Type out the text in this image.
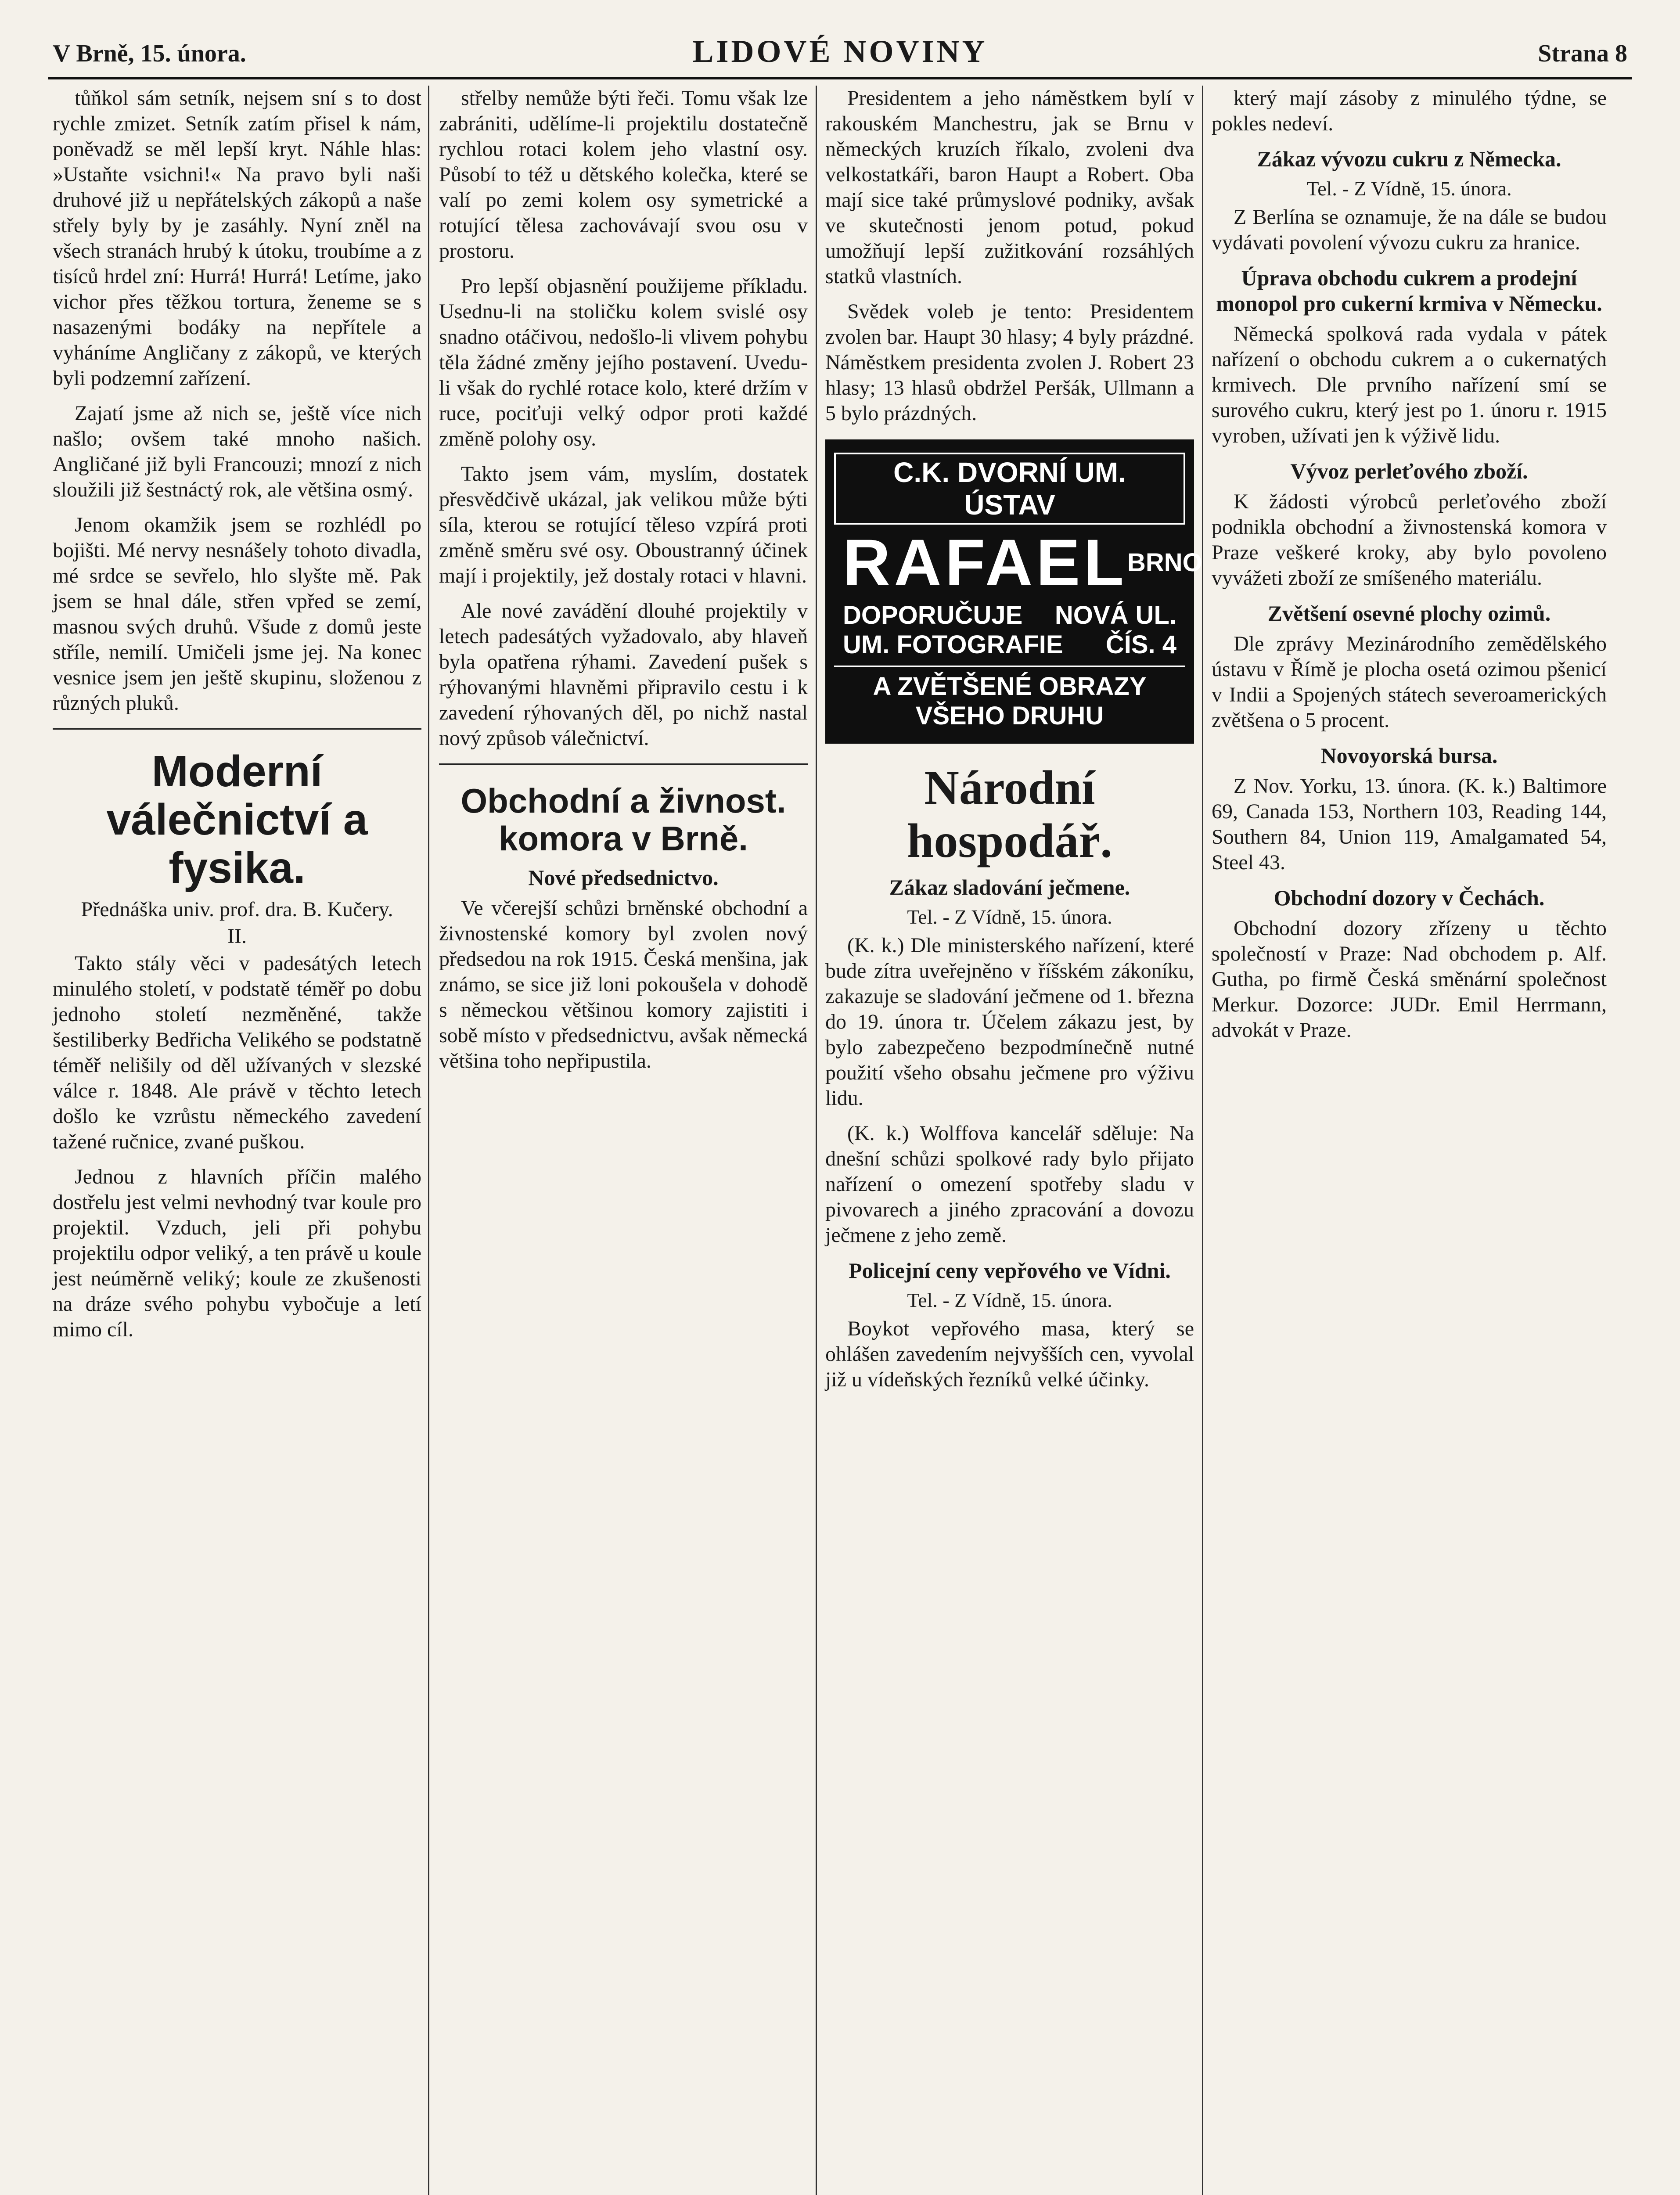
V Brně, 15. února.	LIDOVÉ NOVINY	Strana 8

tůňkol sám setník, nejsem sní s to dost rychle zmizet. Setník zatím přisel k nám, poněvadž se měl lepší kryt. Náhle hlas: »Ustaňte vsichni!« Na pravo byli naši druhové již u nepřátelských zákopů a naše střely byly by je zasáhly. Nyní zněl na všech stranách hrubý k útoku, troubíme a z tisíců hrdel zní: Hurrá! Hurrá! Letíme, jako vichor přes těžkou tortura, ženeme se s nasazenými bodáky na nepřítele a vyháníme Angličany z zákopů, ve kterých byli podzemní zařízení.

Zajatí jsme až nich se, ještě více nich našlo; ovšem také mnoho našich. Angličané již byli Francouzi; mnozí z nich sloužili již šestnáctý rok, ale většina osmý.

Jenom okamžik jsem se rozhlédl po bojišti. Mé nervy nesnášely tohoto divadla, mé srdce se sevřelo, hlo slyšte mě. Pak jsem se hnal dále, střen vpřed se zemí, masnou svých druhů. Všude z domů jeste stříle, nemilí. Umičeli jsme jej. Na konec vesnice jsem jen ještě skupinu, složenou z různých pluků.

Moderní válečnictví a fysika.
Přednáška univ. prof. dra. B. Kučery.
II.

Takto stály věci v padesátých letech minulého století, v podstatě téměř po dobu jednoho století nezměněné, takže šestiliberky Bedřicha Velikého se podstatně téměř nelišily od děl užívaných v slezské válce r. 1848. Ale právě v těchto letech došlo ke vzrůstu německého zavedení tažené ručnice, zvané puškou.

Jednou z hlavních příčin malého dostřelu jest velmi nevhodný tvar koule pro projektil. Vzduch, jeli při pohybu projektilu odpor veliký, a ten právě u koule jest neúměrně veliký; koule ze zkušenosti na dráze svého pohybu vybočuje a letí mimo cíl.

střelby nemůže býti řeči. Tomu však lze zabrániti, udělíme-li projektilu dostatečně rychlou rotaci kolem jeho vlastní osy. Působí to též u dětského kolečka, které se valí po zemi kolem osy symetrické a rotující tělesa zachovávají svou osu v prostoru.

Pro lepší objasnění použijeme příkladu. Usednu-li na stoličku kolem svislé osy snadno otáčivou, nedošlo-li vlivem pohybu těla žádné změny jejího postavení. Uvedu-li však do rychlé rotace kolo, které držím v ruce, pociťuji velký odpor proti každé změně polohy osy.

Takto jsem vám, myslím, dostatek přesvědčivě ukázal, jak velikou může býti síla, kterou se rotující těleso vzpírá proti změně směru své osy. Oboustranný účinek mají i projektily, jež dostaly rotaci v hlavni.

Ale nové zavádění dlouhé projektily v letech padesátých vyžadovalo, aby hlaveň byla opatřena rýhami. Zavedení pušek s rýhovanými hlavněmi připravilo cestu i k zavedení rýhovaných děl, po nichž nastal nový způsob válečnictví.

Obchodní a živnost. komora v Brně.
Nové předsednictvo.

Ve včerejší schůzi brněnské obchodní a živnostenské komory byl zvolen nový předsedou na rok 1915. Česká menšina, jak známo, se sice již loni pokoušela v dohodě s německou většinou komory zajistiti i sobě místo v předsednictvu, avšak německá většina toho nepřipustila.

Presidentem a jeho náměstkem bylí v rakouském Manchestru, jak se Brnu v německých kruzích říkalo, zvoleni dva velkostatkáři, baron Haupt a Robert. Oba mají sice také průmyslové podniky, avšak ve skutečnosti jenom potud, pokud umožňují lepší zužitkování rozsáhlých statků vlastních.

Svědek voleb je tento: Presidentem zvolen bar. Haupt 30 hlasy; 4 byly prázdné. Náměstkem presidenta zvolen J. Robert 23 hlasy; 13 hlasů obdržel Peršák, Ullmann a 5 bylo prázdných.

C.K. DVORNÍ UM. ÚSTAV
RAFAEL BRNO
DOPORUČUJE NOVÁ UL.
UM. FOTOGRAFIE ČÍS. 4
A ZVĚTŠENÉ OBRAZY VŠEHO DRUHU
Národní hospodář.
Zákaz sladování ječmene.
Tel. - Z Vídně, 15. února.

(K. k.) Dle ministerského nařízení, které bude zítra uveřejněno v říšském zákoníku, zakazuje se sladování ječmene od 1. března do 19. února tr. Účelem zákazu jest, by bylo zabezpečeno bezpodmínečně nutné použití všeho obsahu ječmene pro výživu lidu.

(K. k.) Wolffova kancelář sděluje: Na dnešní schůzi spolkové rady bylo přijato nařízení o omezení spotřeby sladu v pivovarech a jiného zpracování a dovozu ječmene z jeho země.

Policejní ceny vepřového ve Vídni.
Tel. - Z Vídně, 15. února.

Boykot vepřového masa, který se ohlášen zavedením nejvyšších cen, vyvolal již u vídeňských řezníků velké účinky.

který mají zásoby z minulého týdne, se pokles nedeví.

Zákaz vývozu cukru z Německa.
Tel. - Z Vídně, 15. února.

Z Berlína se oznamuje, že na dále se budou vydávati povolení vývozu cukru za hranice.

Úprava obchodu cukrem a prodejní monopol pro cukerní krmiva v Německu.

Německá spolková rada vydala v pátek nařízení o obchodu cukrem a o cukernatých krmivech. Dle prvního nařízení smí se surového cukru, který jest po 1. únoru r. 1915 vyroben, užívati jen k výživě lidu.

Vývoz perleťového zboží.

K žádosti výrobců perleťového zboží podnikla obchodní a živnostenská komora v Praze veškeré kroky, aby bylo povoleno vyvážeti zboží ze smíšeného materiálu.

Zvětšení osevné plochy ozimů.

Dle zprávy Mezinárodního zemědělského ústavu v Římě je plocha osetá ozimou pšenicí v Indii a Spojených státech severoamerických zvětšena o 5 procent.

Novoyorská bursa.

Z Nov. Yorku, 13. února. (K. k.) Baltimore 69, Canada 153, Northern 103, Reading 144, Southern 84, Union 119, Amalgamated 54, Steel 43.

Obchodní dozory v Čechách.

Obchodní dozory zřízeny u těchto společností v Praze: Nad obchodem p. Alf. Gutha, po firmě Česká směnární společnost Merkur. Dozorce: JUDr. Emil Herrmann, advokát v Praze.
